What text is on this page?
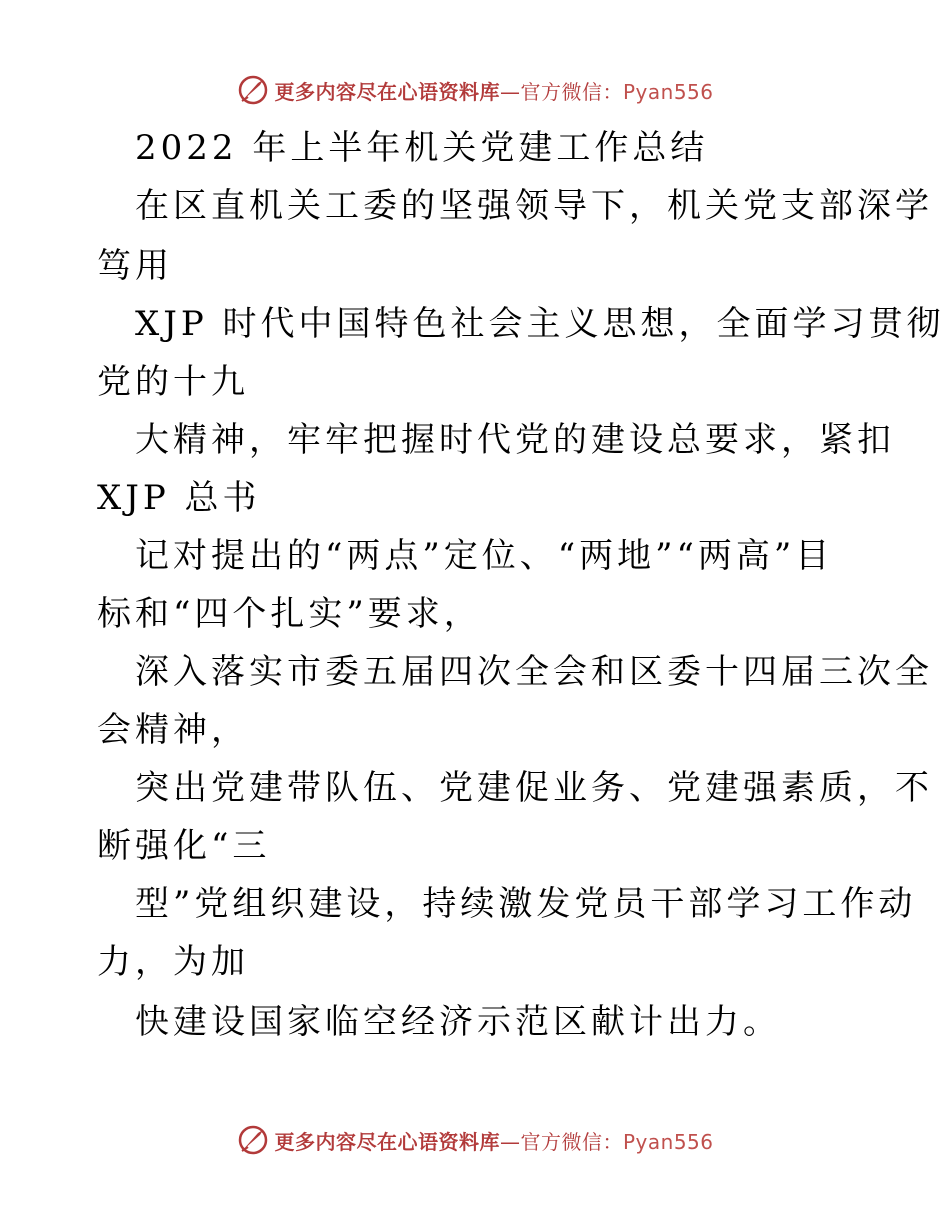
更多内容尽在心语资料库—官方微信：Pyan556
2022 年上半年机关党建工作总结
在区直机关工委的坚强领导下，机关党支部深学
笃用
XJP 时代中国特色社会主义思想，全面学习贯彻
党的十九
大精神，牢牢把握时代党的建设总要求，紧扣
XJP 总书
记对提出的“两点”定位、“两地”“两高”目
标和“四个扎实”要求，
深入落实市委五届四次全会和区委十四届三次全
会精神，
突出党建带队伍、党建促业务、党建强素质，不
断强化“三
型”党组织建设，持续激发党员干部学习工作动
力，为加
快建设国家临空经济示范区献计出力。
更多内容尽在心语资料库—官方微信：Pyan556
